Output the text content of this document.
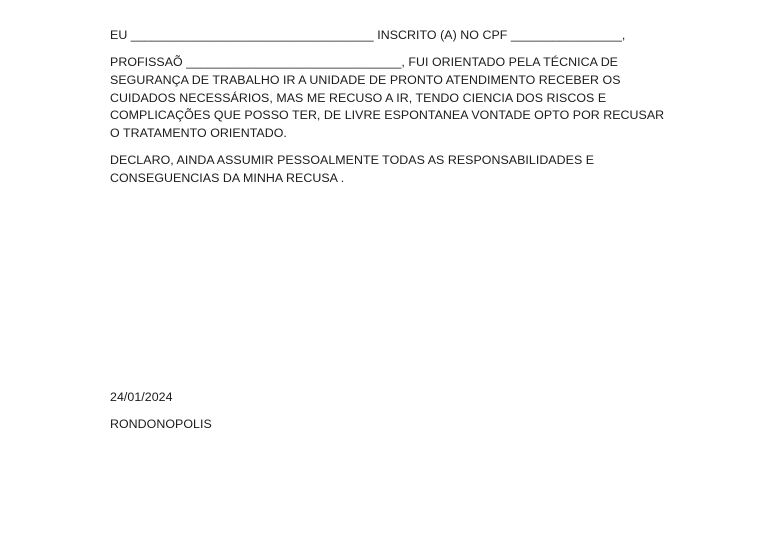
EU ___________________________________ INSCRITO (A) NO CPF ________________,

PROFISSAÕ _______________________________, FUI ORIENTADO PELA TÉCNICA DE SEGURANÇA DE TRABALHO IR A UNIDADE DE PRONTO ATENDIMENTO RECEBER OS CUIDADOS NECESSÁRIOS, MAS ME RECUSO A IR, TENDO CIENCIA DOS RISCOS E COMPLICAÇÕES QUE POSSO TER, DE LIVRE ESPONTANEA VONTADE OPTO POR RECUSAR O TRATAMENTO ORIENTADO.

DECLARO, AINDA ASSUMIR PESSOALMENTE TODAS AS RESPONSABILIDADES E CONSEGUENCIAS DA MINHA RECUSA .

24/01/2024

RONDONOPOLIS
